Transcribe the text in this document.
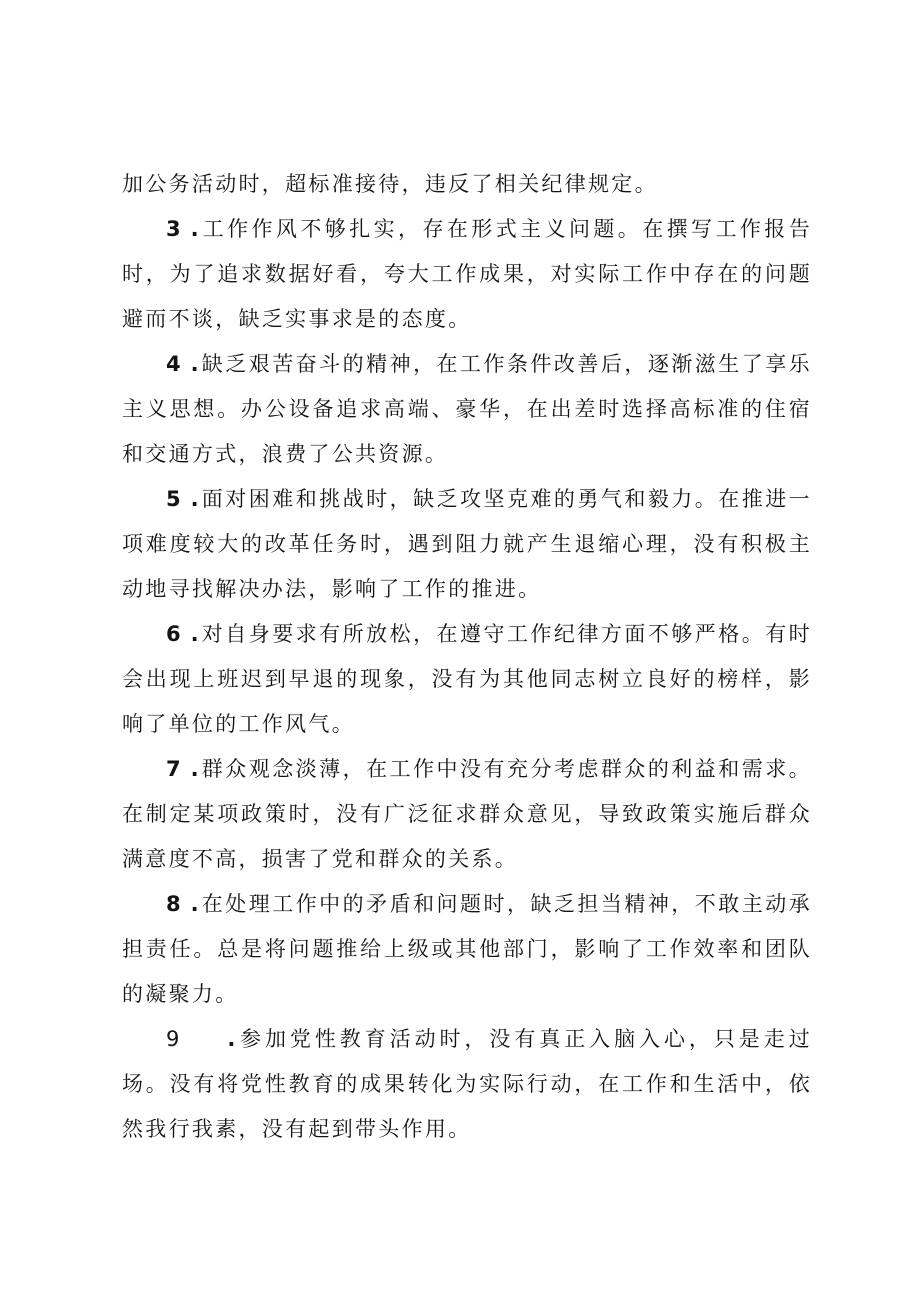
加公务活动时，超标准接待，违反了相关纪律规定。

3 . 工作作风不够扎实，存在形式主义问题。在撰写工作报告时，为了追求数据好看，夸大工作成果，对实际工作中存在的问题避而不谈，缺乏实事求是的态度。

4 . 缺乏艰苦奋斗的精神，在工作条件改善后，逐渐滋生了享乐主义思想。办公设备追求高端、豪华，在出差时选择高标准的住宿和交通方式，浪费了公共资源。

5 . 面对困难和挑战时，缺乏攻坚克难的勇气和毅力。在推进一项难度较大的改革任务时，遇到阻力就产生退缩心理，没有积极主动地寻找解决办法，影响了工作的推进。

6 . 对自身要求有所放松，在遵守工作纪律方面不够严格。有时会出现上班迟到早退的现象，没有为其他同志树立良好的榜样，影响了单位的工作风气。

7 . 群众观念淡薄，在工作中没有充分考虑群众的利益和需求。在制定某项政策时，没有广泛征求群众意见，导致政策实施后群众满意度不高，损害了党和群众的关系。

8 . 在处理工作中的矛盾和问题时，缺乏担当精神，不敢主动承担责任。总是将问题推给上级或其他部门，影响了工作效率和团队的凝聚力。

9 . 参加党性教育活动时，没有真正入脑入心，只是走过场。没有将党性教育的成果转化为实际行动，在工作和生活中，依然我行我素，没有起到带头作用。
